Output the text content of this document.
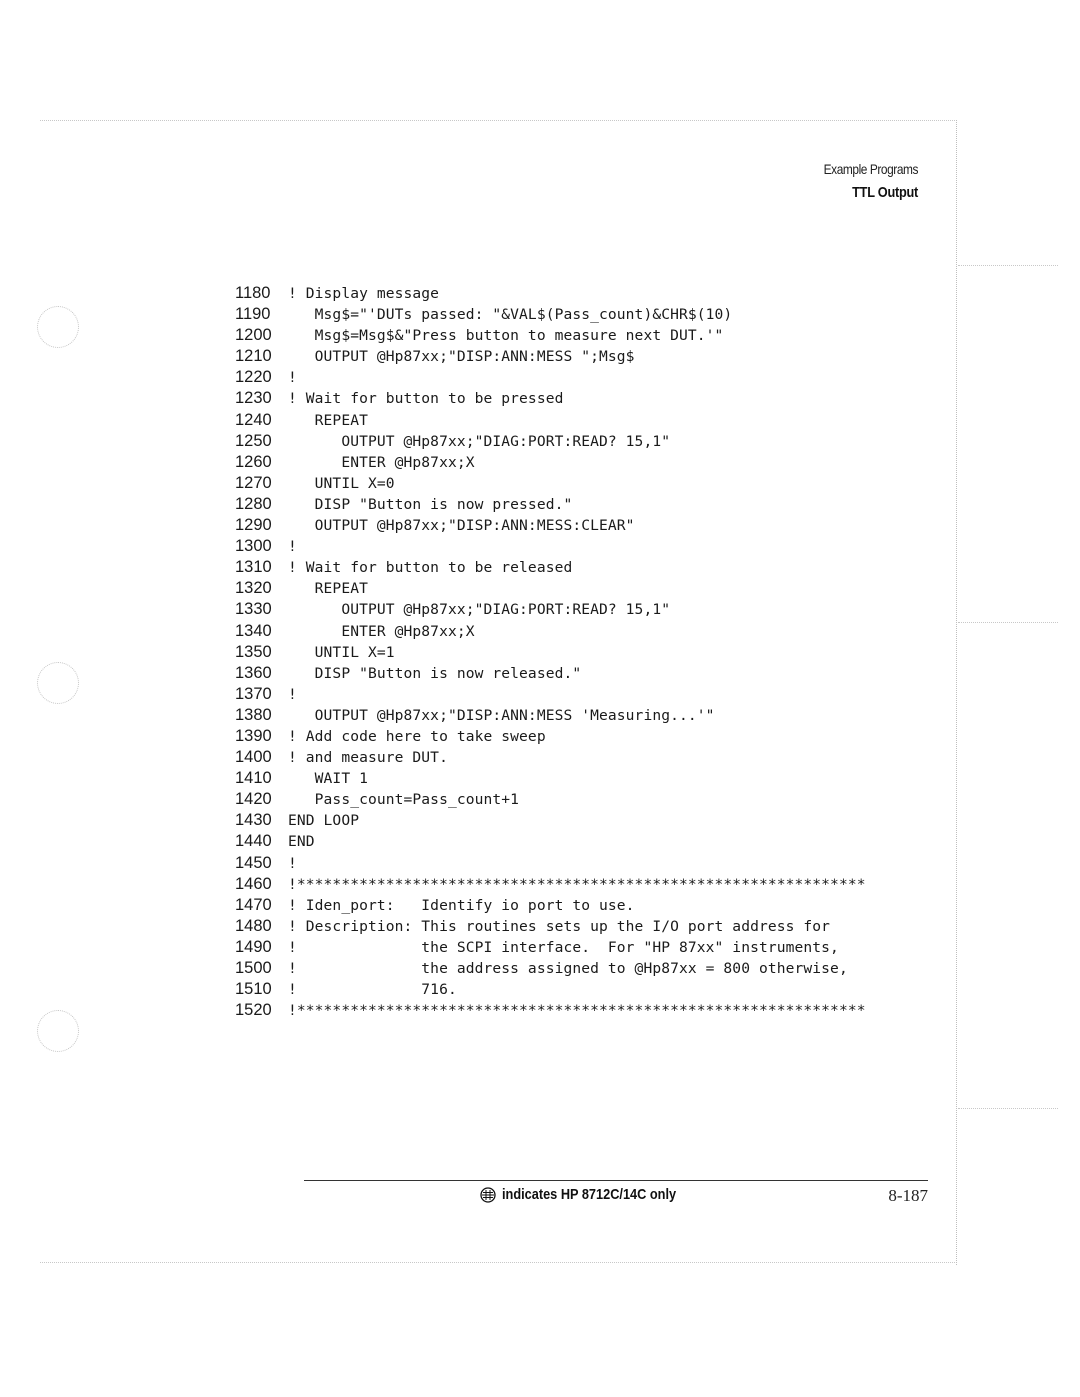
Example Programs
TTL Output
1180	! Display message
1190	Msg$="'DUTs passed: "&VAL$(Pass_count)&CHR$(10)
1200	Msg$=Msg$&"Press button to measure next DUT.'"
1210	OUTPUT @Hp87xx;"DISP:ANN:MESS ";Msg$
1220	!
1230	! Wait for button to be pressed
1240	REPEAT
1250	OUTPUT @Hp87xx;"DIAG:PORT:READ? 15,1"
1260	ENTER @Hp87xx;X
1270	UNTIL X=0
1280	DISP "Button is now pressed."
1290	OUTPUT @Hp87xx;"DISP:ANN:MESS:CLEAR"
1300	!
1310	! Wait for button to be released
1320	REPEAT
1330	OUTPUT @Hp87xx;"DIAG:PORT:READ? 15,1"
1340	ENTER @Hp87xx;X
1350	UNTIL X=1
1360	DISP "Button is now released."
1370	!
1380	OUTPUT @Hp87xx;"DISP:ANN:MESS 'Measuring...'"
1390	! Add code here to take sweep
1400	! and measure DUT.
1410	WAIT 1
1420	Pass_count=Pass_count+1
1430	END LOOP
1440	END
1450	!
1460	!****************************************************************
1470	! Iden_port:   Identify io port to use.
1480	! Description: This routines sets up the I/O port address for
1490	!              the SCPI interface.  For "HP 87xx" instruments,
1500	!              the address assigned to @Hp87xx = 800 otherwise,
1510	!              716.
1520	!****************************************************************
indicates HP 8712C/14C only	8-187
